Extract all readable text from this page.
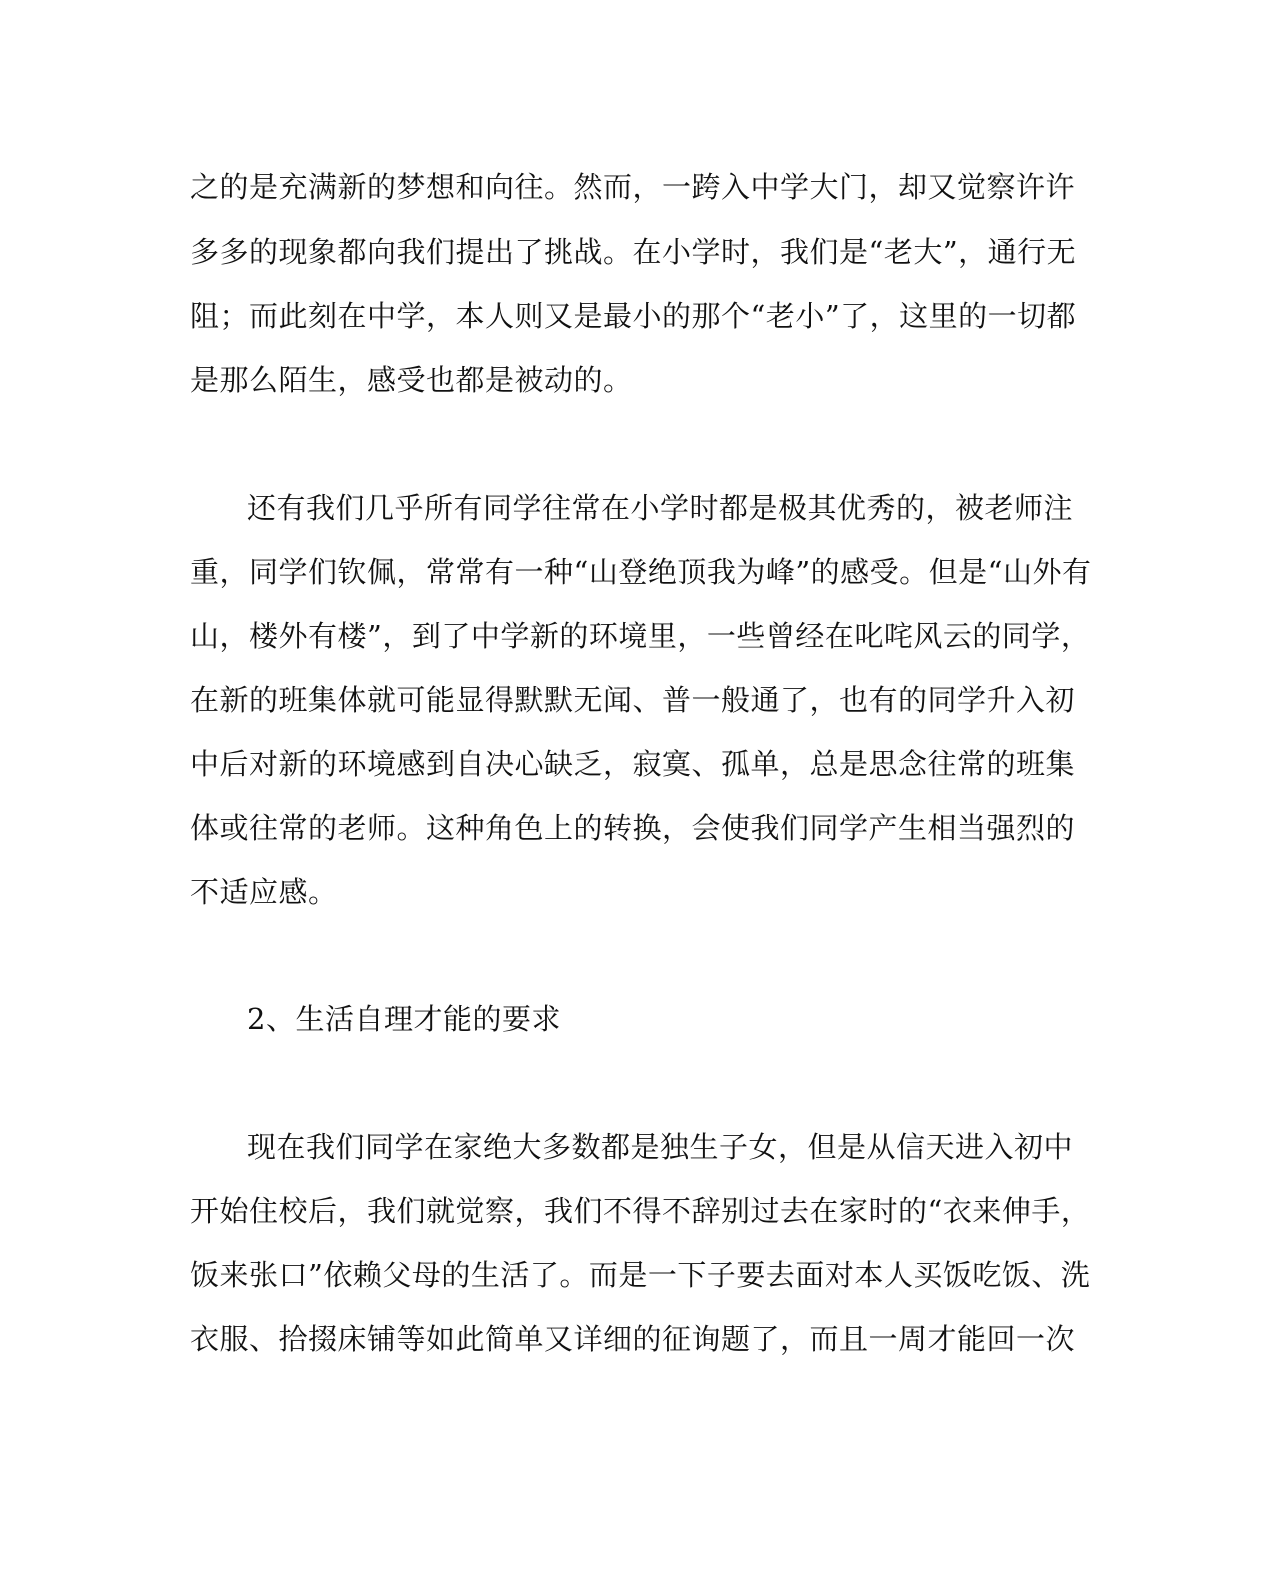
之的是充满新的梦想和向往。然而，一跨入中学大门，却又觉察许许
多多的现象都向我们提出了挑战。在小学时，我们是“老大”，通行无
阻；而此刻在中学，本人则又是最小的那个“老小”了，这里的一切都
是那么陌生，感受也都是被动的。
还有我们几乎所有同学往常在小学时都是极其优秀的，被老师注
重，同学们钦佩，常常有一种“山登绝顶我为峰”的感受。但是“山外有
山，楼外有楼”，到了中学新的环境里，一些曾经在叱咤风云的同学，
在新的班集体就可能显得默默无闻、普一般通了，也有的同学升入初
中后对新的环境感到自决心缺乏，寂寞、孤单，总是思念往常的班集
体或往常的老师。这种角色上的转换，会使我们同学产生相当强烈的
不适应感。
2、生活自理才能的要求
现在我们同学在家绝大多数都是独生子女，但是从信天进入初中
开始住校后，我们就觉察，我们不得不辞别过去在家时的“衣来伸手，
饭来张口”依赖父母的生活了。而是一下子要去面对本人买饭吃饭、洗
衣服、拾掇床铺等如此简单又详细的征询题了，而且一周才能回一次
